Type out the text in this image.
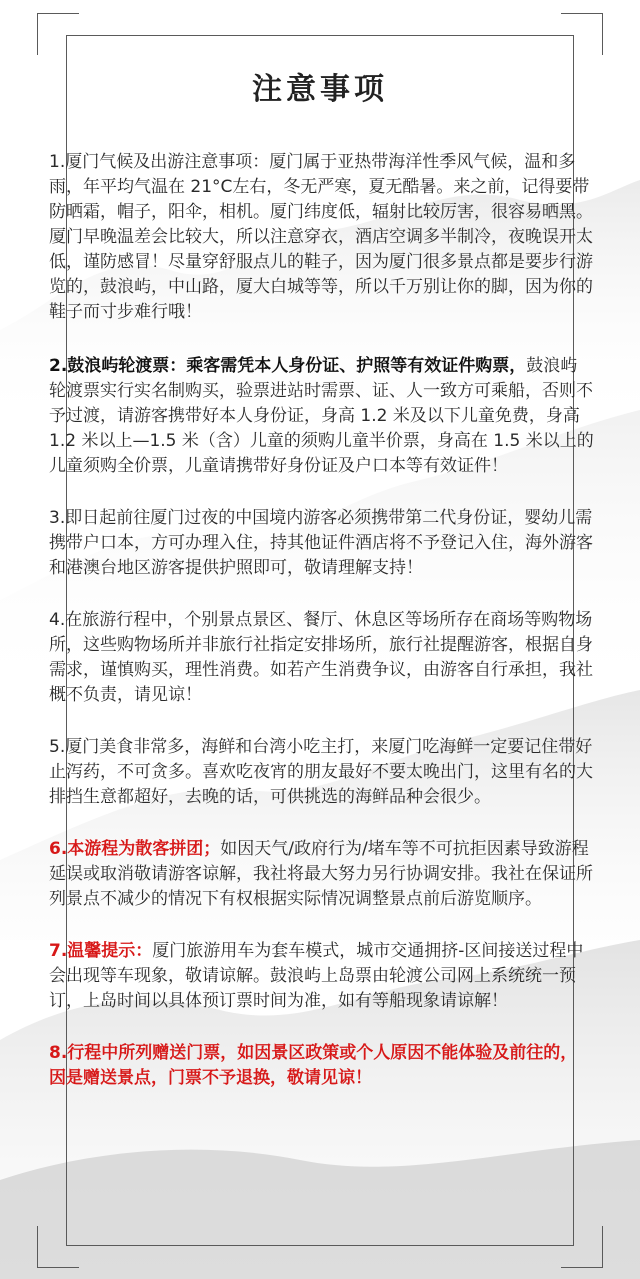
注意事项

1.厦门气候及出游注意事项：厦门属于亚热带海洋性季风气候，温和多雨，年平均气温在 21°C左右，冬无严寒，夏无酷暑。来之前，记得要带防晒霜，帽子，阳伞，相机。厦门纬度低，辐射比较厉害，很容易晒黑。厦门早晚温差会比较大，所以注意穿衣，酒店空调多半制冷，夜晚误开太低，谨防感冒！尽量穿舒服点儿的鞋子，因为厦门很多景点都是要步行游览的，鼓浪屿，中山路，厦大白城等等，所以千万别让你的脚，因为你的鞋子而寸步难行哦！

2.鼓浪屿轮渡票：乘客需凭本人身份证、护照等有效证件购票，鼓浪屿轮渡票实行实名制购买，验票进站时需票、证、人一致方可乘船，否则不予过渡，请游客携带好本人身份证，身高 1.2 米及以下儿童免费，身高 1.2 米以上—1.5 米（含）儿童的须购儿童半价票，身高在 1.5 米以上的儿童须购全价票，儿童请携带好身份证及户口本等有效证件！

3.即日起前往厦门过夜的中国境内游客必须携带第二代身份证，婴幼儿需携带户口本，方可办理入住，持其他证件酒店将不予登记入住，海外游客和港澳台地区游客提供护照即可，敬请理解支持！

4.在旅游行程中，个别景点景区、餐厅、休息区等场所存在商场等购物场所，这些购物场所并非旅行社指定安排场所，旅行社提醒游客，根据自身需求，谨慎购买，理性消费。如若产生消费争议，由游客自行承担，我社概不负责，请见谅！

5.厦门美食非常多，海鲜和台湾小吃主打，来厦门吃海鲜一定要记住带好止泻药，不可贪多。喜欢吃夜宵的朋友最好不要太晚出门，这里有名的大排挡生意都超好，去晚的话，可供挑选的海鲜品种会很少。

6.本游程为散客拼团；如因天气/政府行为/堵车等不可抗拒因素导致游程延误或取消敬请游客谅解，我社将最大努力另行协调安排。我社在保证所列景点不减少的情况下有权根据实际情况调整景点前后游览顺序。

7.温馨提示：厦门旅游用车为套车模式，城市交通拥挤-区间接送过程中会出现等车现象，敬请谅解。鼓浪屿上岛票由轮渡公司网上系统统一预订，上岛时间以具体预订票时间为准，如有等船现象请谅解！

8.行程中所列赠送门票，如因景区政策或个人原因不能体验及前往的，因是赠送景点，门票不予退换，敬请见谅！
